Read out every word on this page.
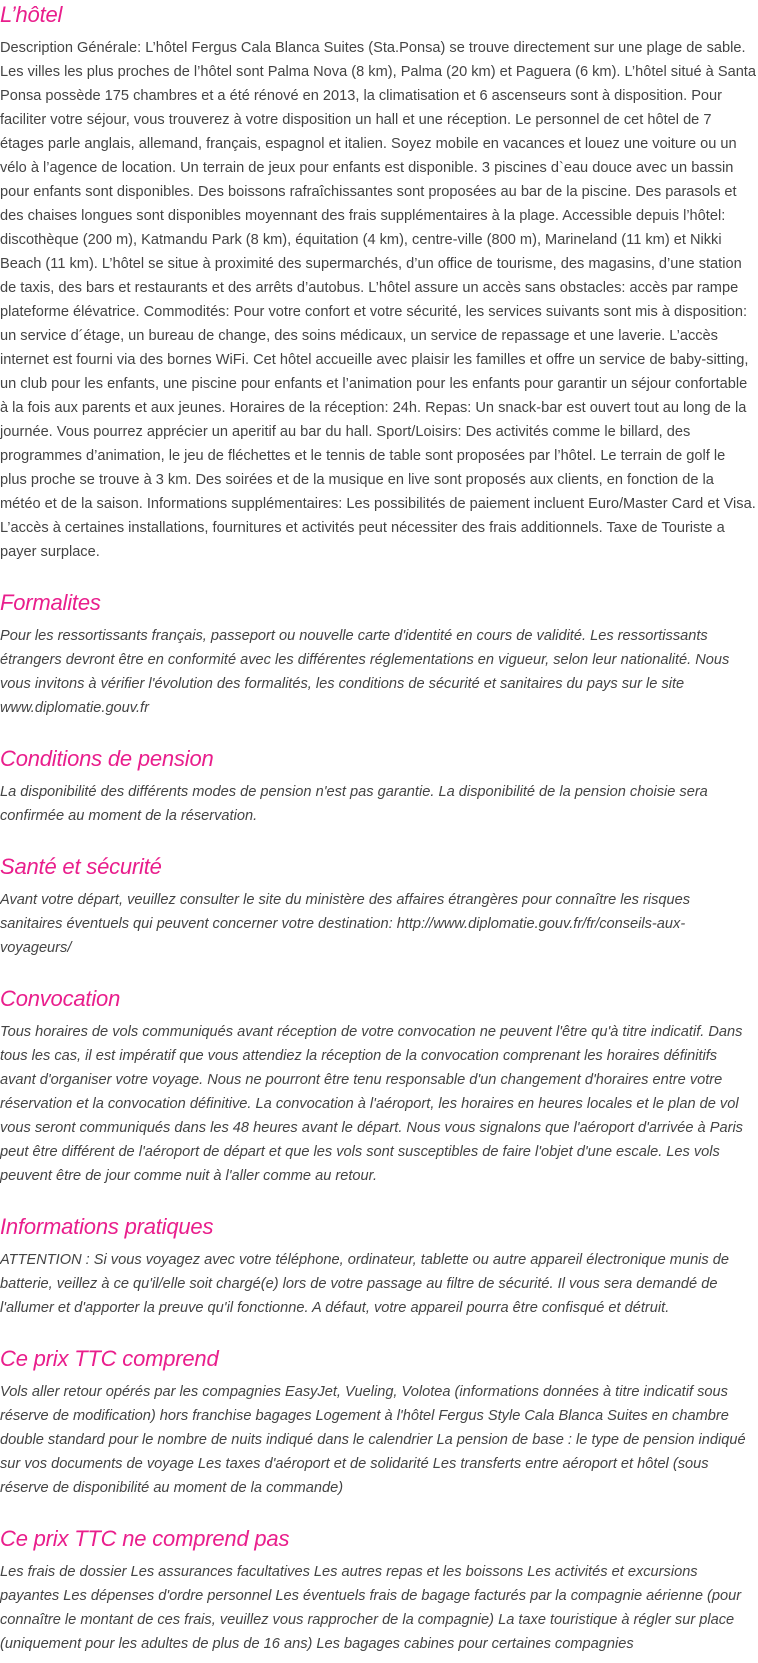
L’hôtel

Description Générale: L’hôtel Fergus Cala Blanca Suites (Sta.Ponsa) se trouve directement sur une plage de sable. Les villes les plus proches de l’hôtel sont Palma Nova (8 km), Palma (20 km) et Paguera (6 km). L’hôtel situé à Santa Ponsa possède 175 chambres et a été rénové en 2013, la climatisation et 6 ascenseurs sont à disposition. Pour faciliter votre séjour, vous trouverez à votre disposition un hall et une réception. Le personnel de cet hôtel de 7 étages parle anglais, allemand, français, espagnol et italien. Soyez mobile en vacances et louez une voiture ou un vélo à l’agence de location. Un terrain de jeux pour enfants est disponible. 3 piscines d`eau douce avec un bassin pour enfants sont disponibles. Des boissons rafraîchissantes sont proposées au bar de la piscine. Des parasols et des chaises longues sont disponibles moyennant des frais supplémentaires à la plage. Accessible depuis l’hôtel: discothèque (200 m), Katmandu Park (8 km), équitation (4 km), centre-ville (800 m), Marineland (11 km) et Nikki Beach (11 km). L’hôtel se situe à proximité des supermarchés, d’un office de tourisme, des magasins, d’une station de taxis, des bars et restaurants et des arrêts d’autobus. L’hôtel assure un accès sans obstacles: accès par rampe plateforme élévatrice. Commodités: Pour votre confort et votre sécurité, les services suivants sont mis à disposition: un service d´étage, un bureau de change, des soins médicaux, un service de repassage et une laverie. L’accès internet est fourni via des bornes WiFi. Cet hôtel accueille avec plaisir les familles et offre un service de baby-sitting, un club pour les enfants, une piscine pour enfants et l’animation pour les enfants pour garantir un séjour confortable à la fois aux parents et aux jeunes. Horaires de la réception: 24h. Repas: Un snack-bar est ouvert tout au long de la journée. Vous pourrez apprécier un aperitif au bar du hall. Sport/Loisirs: Des activités comme le billard, des programmes d’animation, le jeu de fléchettes et le tennis de table sont proposées par l’hôtel. Le terrain de golf le plus proche se trouve à 3 km. Des soirées et de la musique en live sont proposés aux clients, en fonction de la météo et de la saison. Informations supplémentaires: Les possibilités de paiement incluent Euro/Master Card et Visa. L’accès à certaines installations, fournitures et activités peut nécessiter des frais additionnels. Taxe de Touriste a payer surplace.

Formalites

Pour les ressortissants français, passeport ou nouvelle carte d'identité en cours de validité. Les ressortissants étrangers devront être en conformité avec les différentes réglementations en vigueur, selon leur nationalité. Nous vous invitons à vérifier l'évolution des formalités, les conditions de sécurité et sanitaires du pays sur le site www.diplomatie.gouv.fr

Conditions de pension

La disponibilité des différents modes de pension n'est pas garantie. La disponibilité de la pension choisie sera confirmée au moment de la réservation.

Santé et sécurité

Avant votre départ, veuillez consulter le site du ministère des affaires étrangères pour connaître les risques sanitaires éventuels qui peuvent concerner votre destination: http://www.diplomatie.gouv.fr/fr/conseils-aux-voyageurs/

Convocation

Tous horaires de vols communiqués avant réception de votre convocation ne peuvent l'être qu'à titre indicatif. Dans tous les cas, il est impératif que vous attendiez la réception de la convocation comprenant les horaires définitifs avant d'organiser votre voyage. Nous ne pourront être tenu responsable d'un changement d'horaires entre votre réservation et la convocation définitive. La convocation à l'aéroport, les horaires en heures locales et le plan de vol vous seront communiqués dans les 48 heures avant le départ. Nous vous signalons que l'aéroport d'arrivée à Paris peut être différent de l'aéroport de départ et que les vols sont susceptibles de faire l'objet d'une escale. Les vols peuvent être de jour comme nuit à l'aller comme au retour.

Informations pratiques

ATTENTION : Si vous voyagez avec votre téléphone, ordinateur, tablette ou autre appareil électronique munis de batterie, veillez à ce qu'il/elle soit chargé(e) lors de votre passage au filtre de sécurité. Il vous sera demandé de l'allumer et d'apporter la preuve qu'il fonctionne. A défaut, votre appareil pourra être confisqué et détruit.

Ce prix TTC comprend

Vols aller retour opérés par les compagnies EasyJet, Vueling, Volotea (informations données à titre indicatif sous réserve de modification) hors franchise bagages Logement à l'hôtel Fergus Style Cala Blanca Suites en chambre double standard pour le nombre de nuits indiqué dans le calendrier La pension de base : le type de pension indiqué sur vos documents de voyage Les taxes d'aéroport et de solidarité Les transferts entre aéroport et hôtel (sous réserve de disponibilité au moment de la commande)

Ce prix TTC ne comprend pas

Les frais de dossier Les assurances facultatives Les autres repas et les boissons Les activités et excursions payantes Les dépenses d'ordre personnel Les éventuels frais de bagage facturés par la compagnie aérienne (pour connaître le montant de ces frais, veuillez vous rapprocher de la compagnie) La taxe touristique à régler sur place (uniquement pour les adultes de plus de 16 ans) Les bagages cabines pour certaines compagnies
